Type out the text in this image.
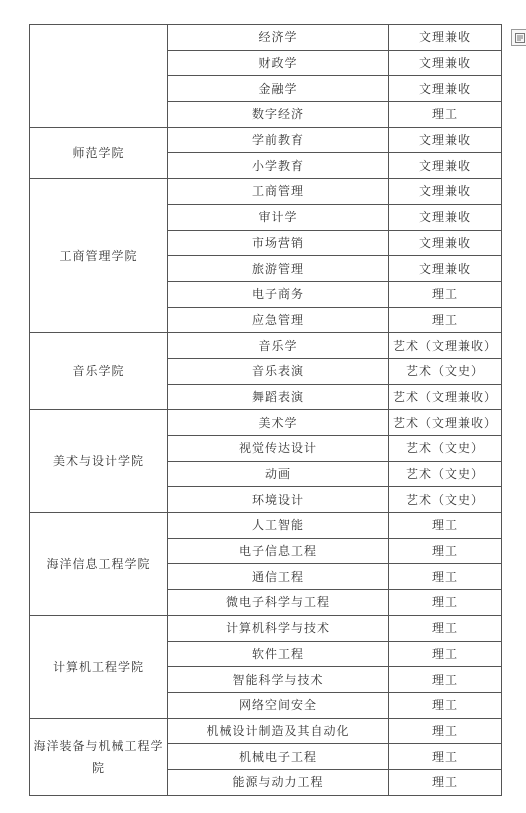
	经济学	文理兼收
	财政学	文理兼收
	金融学	文理兼收
	数字经济	理工
师范学院	学前教育	文理兼收
	小学教育	文理兼收
工商管理学院	工商管理	文理兼收
	审计学	文理兼收
	市场营销	文理兼收
	旅游管理	文理兼收
	电子商务	理工
	应急管理	理工
音乐学院	音乐学	艺术（文理兼收）
	音乐表演	艺术（文史）
	舞蹈表演	艺术（文理兼收）
美术与设计学院	美术学	艺术（文理兼收）
	视觉传达设计	艺术（文史）
	动画	艺术（文史）
	环境设计	艺术（文史）
海洋信息工程学院	人工智能	理工
	电子信息工程	理工
	通信工程	理工
	微电子科学与工程	理工
计算机工程学院	计算机科学与技术	理工
	软件工程	理工
	智能科学与技术	理工
	网络空间安全	理工
海洋装备与机械工程学院	机械设计制造及其自动化	理工
	机械电子工程	理工
	能源与动力工程	理工
